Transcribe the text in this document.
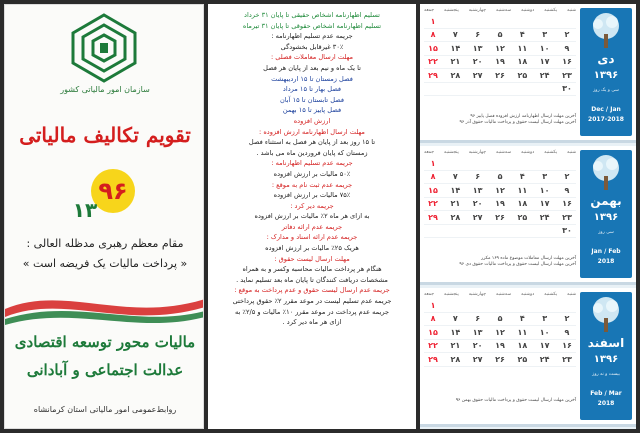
سازمان امور مالیاتی کشور
تقویم تکالیف مالیاتی
۹۶
۱۳
مقام معظم رهبری مدظله العالی :
« پرداخت مالیات یک فریضه است »
مالیات محور توسعه اقتصادی
عدالت اجتماعی و آبادانی
روابط‌عمومی امور مالیاتی استان کرمانشاه
تسلیم اظهارنامه اشخاص حقیقی تا پایان ۳۱ خرداد
تسلیم اظهارنامه اشخاص حقوقی تا پایان ۳۱ تیرماه
جریمه عدم تسلیم اظهارنامه :
۳۰٪ غیرقابل بخشودگی
مهلت ارسال معاملات فصلی :
تا یک ماه و نیم بعد از پایان هر فصل
فصل زمستان تا ۱۵ اردیبهشت
فصل بهار تا ۱۵ مرداد
فصل تابستان تا ۱۵ آبان
فصل پاییز تا ۱۵ بهمن
ارزش افزوده
مهلت ارسال اظهارنامه ارزش افزوده :
تا ۱۵ روز بعد از پایان هر فصل به استثناء فصل
زمستان که پایان فروردین ماه می باشد .
جریمه عدم تسلیم اظهارنامه :
۵۰٪ مالیات بر ارزش افزوده
جریمه عدم ثبت نام به موقع :
۷۵٪ مالیات بر ارزش افزوده
جریمه دیر کرد :
به ازای هر ماه ۲٪ مالیات بر ارزش افزوده
جریمه عدم ارائه دفاتر
جریمه عدم ارائه اسناد و مدارک :
هریک ۲۵٪ مالیات بر ارزش افزوده
مهلت ارسال لیست حقوق :
هنگام هر پرداخت مالیات محاسبه وکسر و به همراه
مشخصات دریافت کنندگان تا پایان ماه بعد تسلیم نماید .
جریمه عدم ارسال لیست حقوق و عدم پرداخت به موقع :
جریمه عدم تسلیم لیست در موعد مقرر ۲٪ حقوق پرداختی
جریمه عدم پرداخت در موعد مقرر ۱۰٪ مالیات و ۲/۵٪ به
ازای هر ماه دیر کرد .
شنبه
یکشنبه
دوشنبه
سه‌شنبه
چهارشنبه
پنجشنبه
جمعه
۱
۲
۳
۴
۵
۶
۷
۸
۹
۱۰
۱۱
۱۲
۱۳
۱۴
۱۵
۱۶
۱۷
۱۸
۱۹
۲۰
۲۱
۲۲
۲۳
۲۴
۲۵
۲۶
۲۷
۲۸
۲۹
۳۰
آخرین مهلت ارسال اظهارنامه ارزش افزوده فصل پاییز ۹۶
آخرین مهلت ارسال لیست حقوق و پرداخت مالیات حقوق آذر ۹۶
دی
۱۳۹۶
سی و یک روز
Dec / Jan
2017-2018
شنبه
یکشنبه
دوشنبه
سه‌شنبه
چهارشنبه
پنجشنبه
جمعه
۱
۲
۳
۴
۵
۶
۷
۸
۹
۱۰
۱۱
۱۲
۱۳
۱۴
۱۵
۱۶
۱۷
۱۸
۱۹
۲۰
۲۱
۲۲
۲۳
۲۴
۲۵
۲۶
۲۷
۲۸
۲۹
۳۰
آخرین مهلت ارسال معاملات موضوع ماده ۱۶۹ مکرر
آخرین مهلت ارسال لیست حقوق و پرداخت مالیات حقوق دی ۹۶
بهمن
۱۳۹۶
سی روز
Jan / Feb
2018
شنبه
یکشنبه
دوشنبه
سه‌شنبه
چهارشنبه
پنجشنبه
جمعه
۱
۲
۳
۴
۵
۶
۷
۸
۹
۱۰
۱۱
۱۲
۱۳
۱۴
۱۵
۱۶
۱۷
۱۸
۱۹
۲۰
۲۱
۲۲
۲۳
۲۴
۲۵
۲۶
۲۷
۲۸
۲۹
آخرین مهلت ارسال لیست حقوق و پرداخت مالیات حقوق بهمن ۹۶
اسفند
۱۳۹۶
بیست و نه روز
Feb / Mar
2018
